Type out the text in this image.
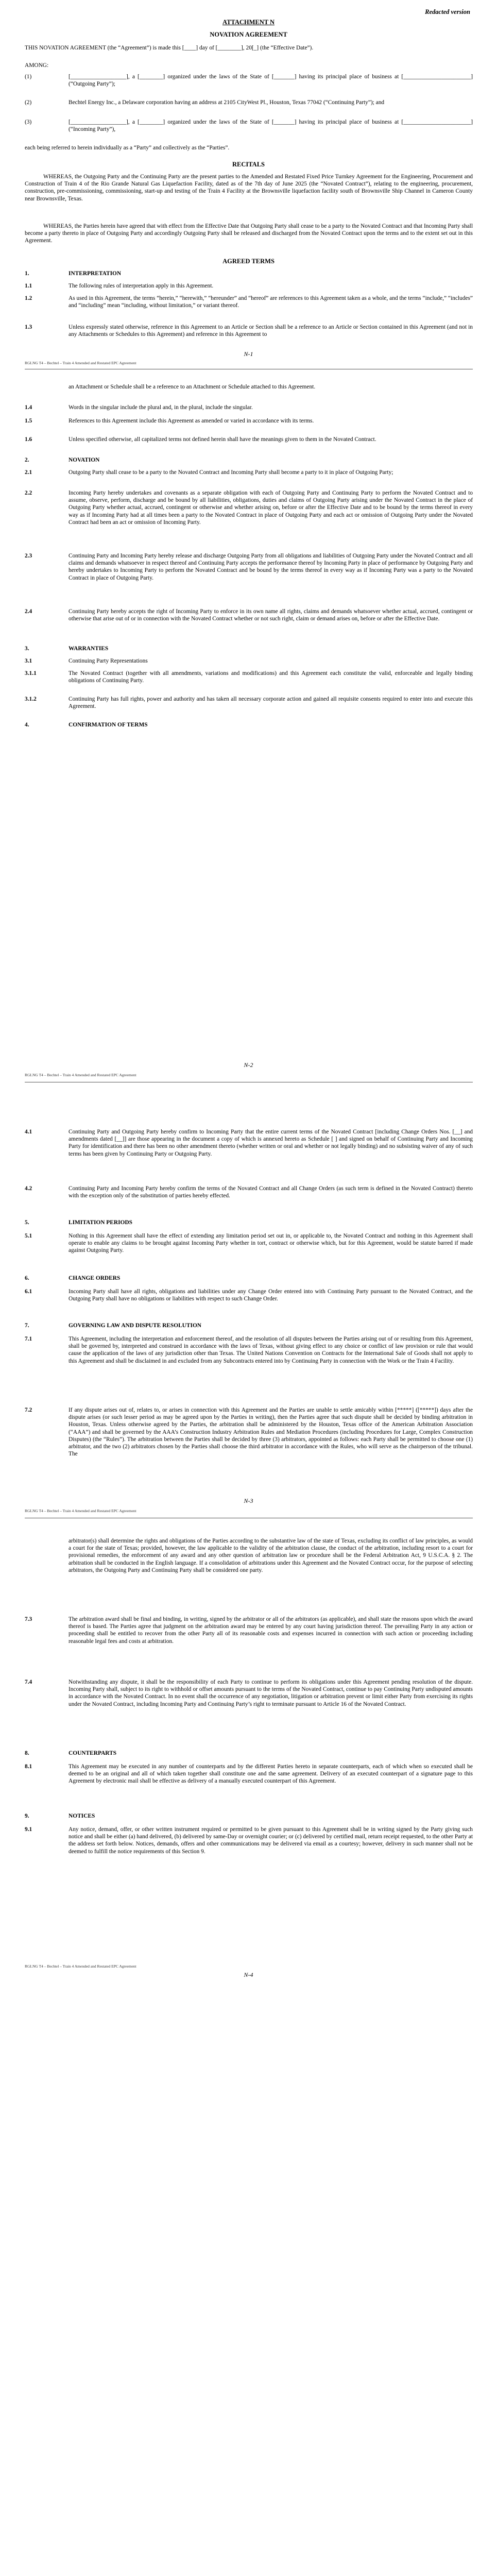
Redacted version
ATTACHMENT N
NOVATION AGREEMENT

THIS NOVATION AGREEMENT (the “Agreement”) is made this [____] day of [________], 20[_] (the “Effective Date”).

AMONG:

(1)	[___________________], a [________] organized under the laws of the State of [_______] having its principal place of business at [_______________________] (“Outgoing Party”);

(2)	Bechtel Energy Inc., a Delaware corporation having an address at 2105 CityWest Pl., Houston, Texas 77042 (“Continuing Party”); and

(3)	[___________________], a [________] organized under the laws of the State of [_______] having its principal place of business at [_______________________] (“Incoming Party”),

each being referred to herein individually as a “Party” and collectively as the “Parties”.

RECITALS

WHEREAS, the Outgoing Party and the Continuing Party are the present parties to the Amended and Restated Fixed Price Turnkey Agreement for the Engineering, Procurement and Construction of Train 4 of the Rio Grande Natural Gas Liquefaction Facility, dated as of the 7th day of June 2025 (the “Novated Contract”), relating to the engineering, procurement, construction, pre-commissioning, commissioning, start-up and testing of the Train 4 Facility at the Brownsville liquefaction facility south of Brownsville Ship Channel in Cameron County near Brownsville, Texas.

WHEREAS, the Parties herein have agreed that with effect from the Effective Date that Outgoing Party shall cease to be a party to the Novated Contract and that Incoming Party shall become a party thereto in place of Outgoing Party and accordingly Outgoing Party shall be released and discharged from the Novated Contract upon the terms and to the extent set out in this Agreement.

AGREED TERMS
1.	INTERPRETATION
1.1	The following rules of interpretation apply in this Agreement.

1.2	As used in this Agreement, the terms “herein,” “herewith,” “hereunder” and “hereof” are references to this Agreement taken as a whole, and the terms “include,” “includes” and “including” mean “including, without limitation,” or variant thereof.

1.3	Unless expressly stated otherwise, reference in this Agreement to an Article or Section shall be a reference to an Article or Section contained in this Agreement (and not in any Attachments or Schedules to this Agreement) and reference in this Agreement to

N-1
RGLNG T4 – Bechtel – Train 4 Amended and Restated EPC Agreement

an Attachment or Schedule shall be a reference to an Attachment or Schedule attached to this Agreement.

1.4	Words in the singular include the plural and, in the plural, include the singular.

1.5	References to this Agreement include this Agreement as amended or varied in accordance with its terms.

1.6	Unless specified otherwise, all capitalized terms not defined herein shall have the meanings given to them in the Novated Contract.

2.	NOVATION
2.1	Outgoing Party shall cease to be a party to the Novated Contract and Incoming Party shall become a party to it in place of Outgoing Party;

2.2	Incoming Party hereby undertakes and covenants as a separate obligation with each of Outgoing Party and Continuing Party to perform the Novated Contract and to assume, observe, perform, discharge and be bound by all liabilities, obligations, duties and claims of Outgoing Party arising under the Novated Contract in the place of Outgoing Party whether actual, accrued, contingent or otherwise and whether arising on, before or after the Effective Date and to be bound by the terms thereof in every way as if Incoming Party had at all times been a party to the Novated Contract in place of Outgoing Party and each act or omission of Outgoing Party under the Novated Contract had been an act or omission of Incoming Party.

2.3	Continuing Party and Incoming Party hereby release and discharge Outgoing Party from all obligations and liabilities of Outgoing Party under the Novated Contract and all claims and demands whatsoever in respect thereof and Continuing Party accepts the performance thereof by Incoming Party in place of performance by Outgoing Party and hereby undertakes to Incoming Party to perform the Novated Contract and be bound by the terms thereof in every way as if Incoming Party was a party to the Novated Contract in place of Outgoing Party.

2.4	Continuing Party hereby accepts the right of Incoming Party to enforce in its own name all rights, claims and demands whatsoever whether actual, accrued, contingent or otherwise that arise out of or in connection with the Novated Contract whether or not such right, claim or demand arises on, before or after the Effective Date.

3.	WARRANTIES
3.1	Continuing Party Representations

3.1.1	The Novated Contract (together with all amendments, variations and modifications) and this Agreement each constitute the valid, enforceable and legally binding obligations of Continuing Party.

3.1.2	Continuing Party has full rights, power and authority and has taken all necessary corporate action and gained all requisite consents required to enter into and execute this Agreement.

4.	CONFIRMATION OF TERMS
N-2
RGLNG T4 – Bechtel – Train 4 Amended and Restated EPC Agreement
4.1	Continuing Party and Outgoing Party hereby confirm to Incoming Party that the entire current terms of the Novated Contract [including Change Orders Nos. [__] and amendments dated [__]] are those appearing in the document a copy of which is annexed hereto as Schedule [ ] and signed on behalf of Continuing Party and Incoming Party for identification and there has been no other amendment thereto (whether written or oral and whether or not legally binding) and no subsisting waiver of any of such terms has been given by Continuing Party or Outgoing Party.

4.2	Continuing Party and Incoming Party hereby confirm the terms of the Novated Contract and all Change Orders (as such term is defined in the Novated Contract) thereto with the exception only of the substitution of parties hereby effected.

5.	LIMITATION PERIODS
5.1	Nothing in this Agreement shall have the effect of extending any limitation period set out in, or applicable to, the Novated Contract and nothing in this Agreement shall operate to enable any claims to be brought against Incoming Party whether in tort, contract or otherwise which, but for this Agreement, would be statute barred if made against Outgoing Party.

6.	CHANGE ORDERS
6.1	Incoming Party shall have all rights, obligations and liabilities under any Change Order entered into with Continuing Party pursuant to the Novated Contract, and the Outgoing Party shall have no obligations or liabilities with respect to such Change Order.

7.	GOVERNING LAW AND DISPUTE RESOLUTION
7.1	This Agreement, including the interpretation and enforcement thereof, and the resolution of all disputes between the Parties arising out of or resulting from this Agreement, shall be governed by, interpreted and construed in accordance with the laws of Texas, without giving effect to any choice or conflict of law provision or rule that would cause the application of the laws of any jurisdiction other than Texas. The United Nations Convention on Contracts for the International Sale of Goods shall not apply to this Agreement and shall be disclaimed in and excluded from any Subcontracts entered into by Continuing Party in connection with the Work or the Train 4 Facility.

7.2	If any dispute arises out of, relates to, or arises in connection with this Agreement and the Parties are unable to settle amicably within [*****] ([*****]) days after the dispute arises (or such lesser period as may be agreed upon by the Parties in writing), then the Parties agree that such dispute shall be decided by binding arbitration in Houston, Texas. Unless otherwise agreed by the Parties, the arbitration shall be administered by the Houston, Texas office of the American Arbitration Association (“AAA”) and shall be governed by the AAA’s Construction Industry Arbitration Rules and Mediation Procedures (including Procedures for Large, Complex Construction Disputes) (the “Rules”). The arbitration between the Parties shall be decided by three (3) arbitrators, appointed as follows: each Party shall be permitted to choose one (1) arbitrator, and the two (2) arbitrators chosen by the Parties shall choose the third arbitrator in accordance with the Rules, who will serve as the chairperson of the tribunal. The

N-3
RGLNG T4 – Bechtel – Train 4 Amended and Restated EPC Agreement

arbitrator(s) shall determine the rights and obligations of the Parties according to the substantive law of the state of Texas, excluding its conflict of law principles, as would a court for the state of Texas; provided, however, the law applicable to the validity of the arbitration clause, the conduct of the arbitration, including resort to a court for provisional remedies, the enforcement of any award and any other question of arbitration law or procedure shall be the Federal Arbitration Act, 9 U.S.C.A. § 2. The arbitration shall be conducted in the English language. If a consolidation of arbitrations under this Agreement and the Novated Contract occur, for the purpose of selecting arbitrators, the Outgoing Party and Continuing Party shall be considered one party.

7.3	The arbitration award shall be final and binding, in writing, signed by the arbitrator or all of the arbitrators (as applicable), and shall state the reasons upon which the award thereof is based. The Parties agree that judgment on the arbitration award may be entered by any court having jurisdiction thereof. The prevailing Party in any action or proceeding shall be entitled to recover from the other Party all of its reasonable costs and expenses incurred in connection with such action or proceeding including reasonable legal fees and costs at arbitration.

7.4	Notwithstanding any dispute, it shall be the responsibility of each Party to continue to perform its obligations under this Agreement pending resolution of the dispute. Incoming Party shall, subject to its right to withhold or offset amounts pursuant to the terms of the Novated Contract, continue to pay Continuing Party undisputed amounts in accordance with the Novated Contract. In no event shall the occurrence of any negotiation, litigation or arbitration prevent or limit either Party from exercising its rights under the Novated Contract, including Incoming Party and Continuing Party’s right to terminate pursuant to Article 16 of the Novated Contract.

8.	COUNTERPARTS
8.1	This Agreement may be executed in any number of counterparts and by the different Parties hereto in separate counterparts, each of which when so executed shall be deemed to be an original and all of which taken together shall constitute one and the same agreement. Delivery of an executed counterpart of a signature page to this Agreement by electronic mail shall be effective as delivery of a manually executed counterpart of this Agreement.

9.	NOTICES
9.1	Any notice, demand, offer, or other written instrument required or permitted to be given pursuant to this Agreement shall be in writing signed by the Party giving such notice and shall be either (a) hand delivered, (b) delivered by same-Day or overnight courier; or (c) delivered by certified mail, return receipt requested, to the other Party at the address set forth below. Notices, demands, offers and other communications may be delivered via email as a courtesy; however, delivery in such manner shall not be deemed to fulfill the notice requirements of this Section 9.

RGLNG T4 – Bechtel – Train 4 Amended and Restated EPC Agreement
N-4
